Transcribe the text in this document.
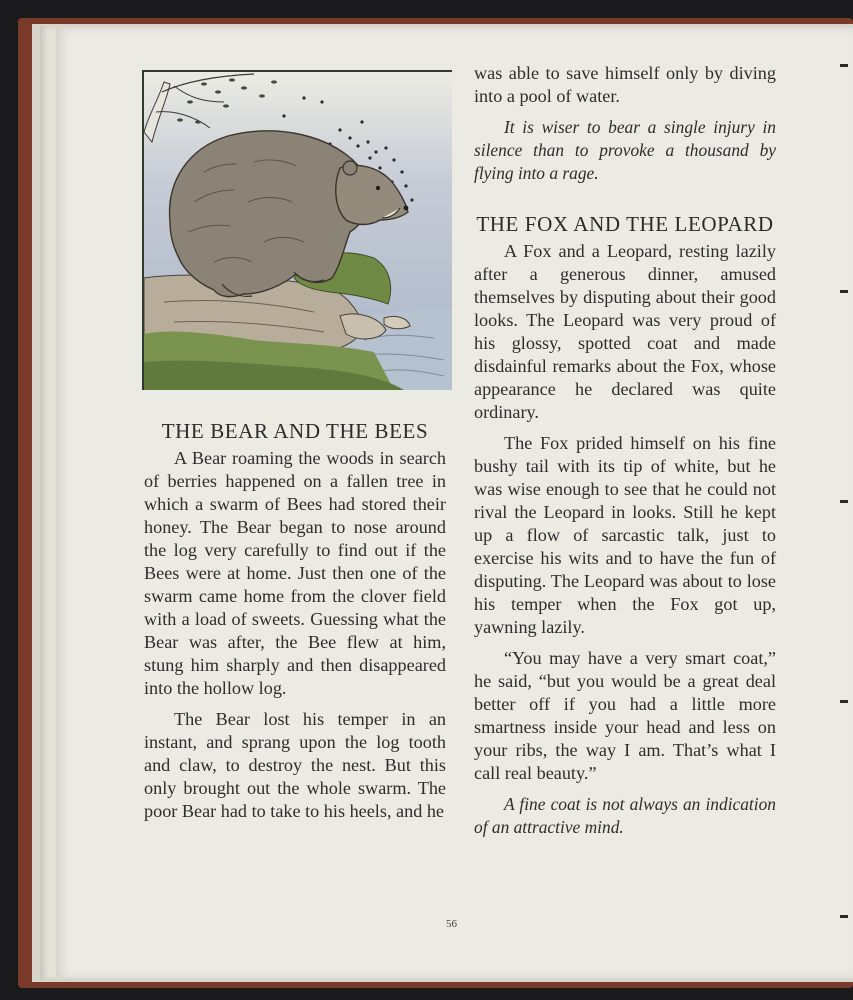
THE BEAR AND THE BEES

A Bear roaming the woods in search of berries happened on a fallen tree in which a swarm of Bees had stored their honey. The Bear began to nose around the log very carefully to find out if the Bees were at home. Just then one of the swarm came home from the clover field with a load of sweets. Guessing what the Bear was after, the Bee flew at him, stung him sharply and then disappeared into the hollow log.

The Bear lost his temper in an instant, and sprang upon the log tooth and claw, to destroy the nest. But this only brought out the whole swarm. The poor Bear had to take to his heels, and he

was able to save himself only by diving into a pool of water.

It is wiser to bear a single injury in silence than to provoke a thousand by flying into a rage.

THE FOX AND THE LEOPARD

A Fox and a Leopard, resting lazily after a generous dinner, amused themselves by disputing about their good looks. The Leopard was very proud of his glossy, spotted coat and made disdainful remarks about the Fox, whose appearance he declared was quite ordinary.

The Fox prided himself on his fine bushy tail with its tip of white, but he was wise enough to see that he could not rival the Leopard in looks. Still he kept up a flow of sarcastic talk, just to exercise his wits and to have the fun of disputing. The Leopard was about to lose his temper when the Fox got up, yawning lazily.

“You may have a very smart coat,” he said, “but you would be a great deal better off if you had a little more smartness inside your head and less on your ribs, the way I am. That’s what I call real beauty.”

A fine coat is not always an indication of an attractive mind.

56
